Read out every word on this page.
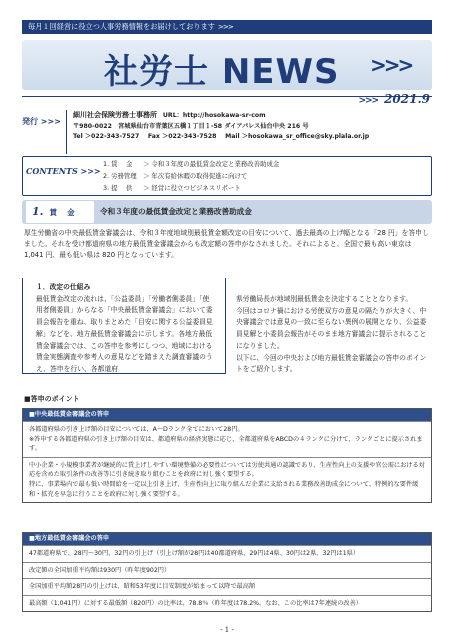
毎月１回経営に役立つ人事労務情報をお届けしております >>>
社労士 NEWS >>>
>>> 2021.9
発行 >>>
細川社会保険労務士事務所 URL：http://hosokawa-sr-com
〒980-0022　宮城県仙台市青葉区五橋１丁目１-58 ダイアパレス仙台中央 216 号
Tel ＞022-343-7527 Fax ＞022-343-7528 Mail ＞hosokawa_sr_office@sky.plala.or.jp
CONTENTS >>>
1. 賃　 金 ＞ 令和３年度の最低賃金改定と業務改善助成金
2. 労務管理 ＞ 年次有給休暇の取得促進に向けて
3. 提　 供 ＞ 経営に役立つビジネスリポート
1. 賃　 金	令和３年度の最低賃金改定と業務改善助成金
厚生労働省の中央最低賃金審議会は、令和３年度地域別最低賃金額改定の目安について、過去最高の上げ幅となる「28 円」を答申しました。それを受け都道府県の地方最低賃金審議会からも改定額の答申がなされました。それによると、全国で最も高い東京は 1,041 円、最も低い県は 820 円となっています。
１．改定の仕組み
最低賃金改定の流れは、「公益委員」「労働者側委員」「使用者側委員」からなる「中央最低賃金審議会」において委員会報告を重ね、取りまとめた「目安に関する公益委員見解」などを、地方最低賃金審議会に示します。各地方最低賃金審議会では、この答申を参考にしつつ、地域における賃金実態調査や参考人の意見などを踏まえた調査審議のうえ、答申を行い、各都道府
県労働局長が地域別最低賃金を決定することとなります。
今回はコロナ禍における労使双方の意見の隔たりが大きく、中央審議会では意見の一致に至らない異例の展開となり、公益委員見解と小委員会報告がそのまま地方審議会に提示されることになりました。
以下に、今回の中央および地方最低賃金審議会の答申のポイントをご紹介します。
■答申のポイント
■中央最低賃金審議会の答申
各都道府県の引き上げ額の目安については、A～Dランク全てにおいて28円。
※答申する各都道府県の引き上げ額の目安は、都道府県の経済実態に応じ、全都道府県をABCDの４ランクに分けて、ランクごとに提示されます。
中小企業・小規模事業者が継続的に賃上げしやすい環境整備の必要性については労使共通の認識であり、生産性向上の支援や官公需における対応を含めた取引条件の改善等に引き続き取り組むことを政府に対し強く要望する。
特に、事業場内で最も低い時間給を一定以上引き上げ、生産性向上に取り組んだ企業に支給される業務改善助成金について、特例的な要件緩和・拡充を早急に行うことを政府に対し強く要望する。
■地方最低賃金審議会の答申
47都道府県で、28円～30円、32円の引上げ（引上げ額が28円は40都道府県、29円は4県、30円は2県、32円は1県）
改定額の全国加重平均額は930円（昨年度902円）
全国加重平均額28円の引上げは、昭和53年度に目安制度が始まって以降で最高額
最高額（1,041円）に対する最低額（820円）の比率は、78.8％（昨年度は78.2%。なお、この比率は7年連続の改善）
- 1 -
